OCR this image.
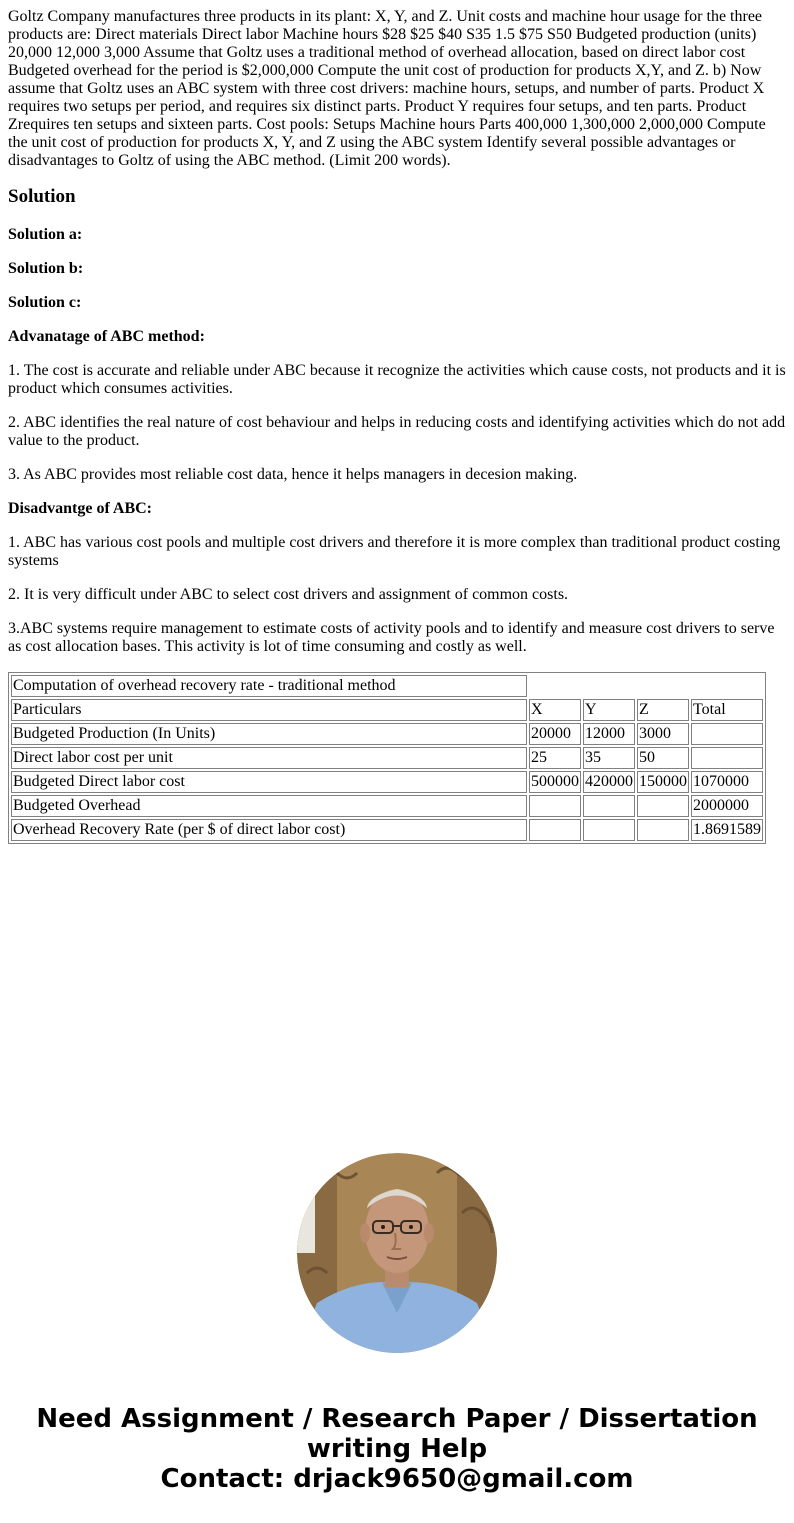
Goltz Company manufactures three products in its plant: X, Y, and Z. Unit costs and machine hour usage for the three products are: Direct materials Direct labor Machine hours $28 $25 $40 S35 1.5 $75 S50 Budgeted production (units) 20,000 12,000 3,000 Assume that Goltz uses a traditional method of overhead allocation, based on direct labor cost Budgeted overhead for the period is $2,000,000 Compute the unit cost of production for products X,Y, and Z. b) Now assume that Goltz uses an ABC system with three cost drivers: machine hours, setups, and number of parts. Product X requires two setups per period, and requires six distinct parts. Product Y requires four setups, and ten parts. Product Zrequires ten setups and sixteen parts. Cost pools: Setups Machine hours Parts 400,000 1,300,000 2,000,000 Compute the unit cost of production for products X, Y, and Z using the ABC system Identify several possible advantages or disadvantages to Goltz of using the ABC method. (Limit 200 words).

Solution

Solution a:

Solution b:

Solution c:

Advanatage of ABC method:

1. The cost is accurate and reliable under ABC because it recognize the activities which cause costs, not products and it is product which consumes activities.

2. ABC identifies the real nature of cost behaviour and helps in reducing costs and identifying activities which do not add value to the product.

3. As ABC provides most reliable cost data, hence it helps managers in decesion making.

Disadvantge of ABC:

1. ABC has various cost pools and multiple cost drivers and therefore it is more complex than traditional product costing systems

2. It is very difficult under ABC to select cost drivers and assignment of common costs.

3.ABC systems require management to estimate costs of activity pools and to identify and measure cost drivers to serve as cost allocation bases. This activity is lot of time consuming and costly as well.

Computation of overhead recovery rate - traditional method				
Particulars	X	Y	Z	Total
Budgeted Production (In Units)	20000	12000	3000	
Direct labor cost per unit	25	35	50	
Budgeted Direct labor cost	500000	420000	150000	1070000
Budgeted Overhead				2000000
Overhead Recovery Rate (per $ of direct labor cost)				1.8691589
Need Assignment / Research Paper / Dissertation
writing Help
Contact: drjack9650@gmail.com
